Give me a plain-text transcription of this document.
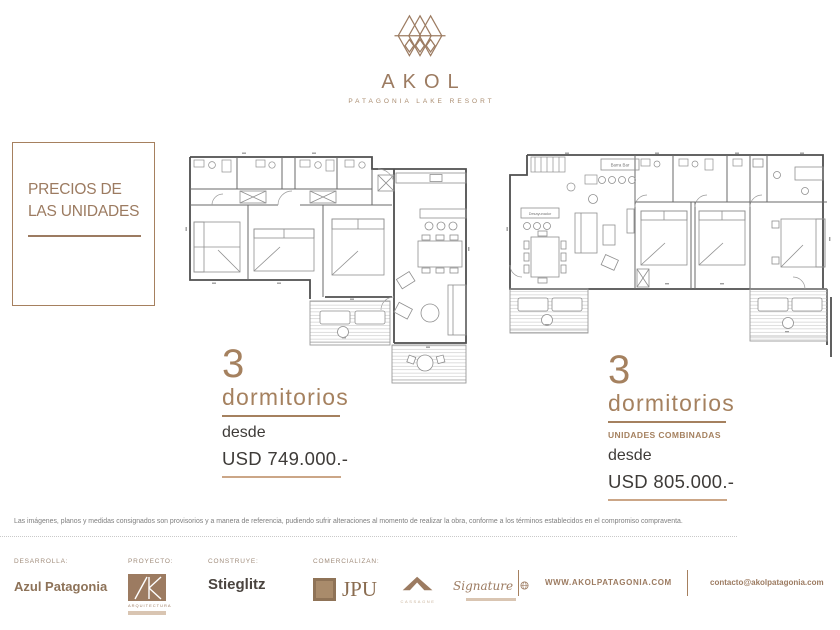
AKOL
PATAGONIA LAKE RESORT
PRECIOS DE
LAS UNIDADES
Barra Bar
Desayunador
3
dormitorios
desde
USD 749.000.-
3
dormitorios
UNIDADES COMBINADAS
desde
USD 805.000.-
Las imágenes, planos y medidas consignados son provisorios y a manera de referencia, pudiendo sufrir alteraciones al momento de realizar la obra, conforme a los términos establecidos en el compromiso compraventa.
DESARROLLA:
Azul Patagonia
PROYECTO:
ARQUITECTURA
CONSTRUYE:
Stieglitz
COMERCIALIZAN:
JPU
CASSAGNE
Signature	WWW.AKOLPATAGONIA.COM	contacto@akolpatagonia.com
